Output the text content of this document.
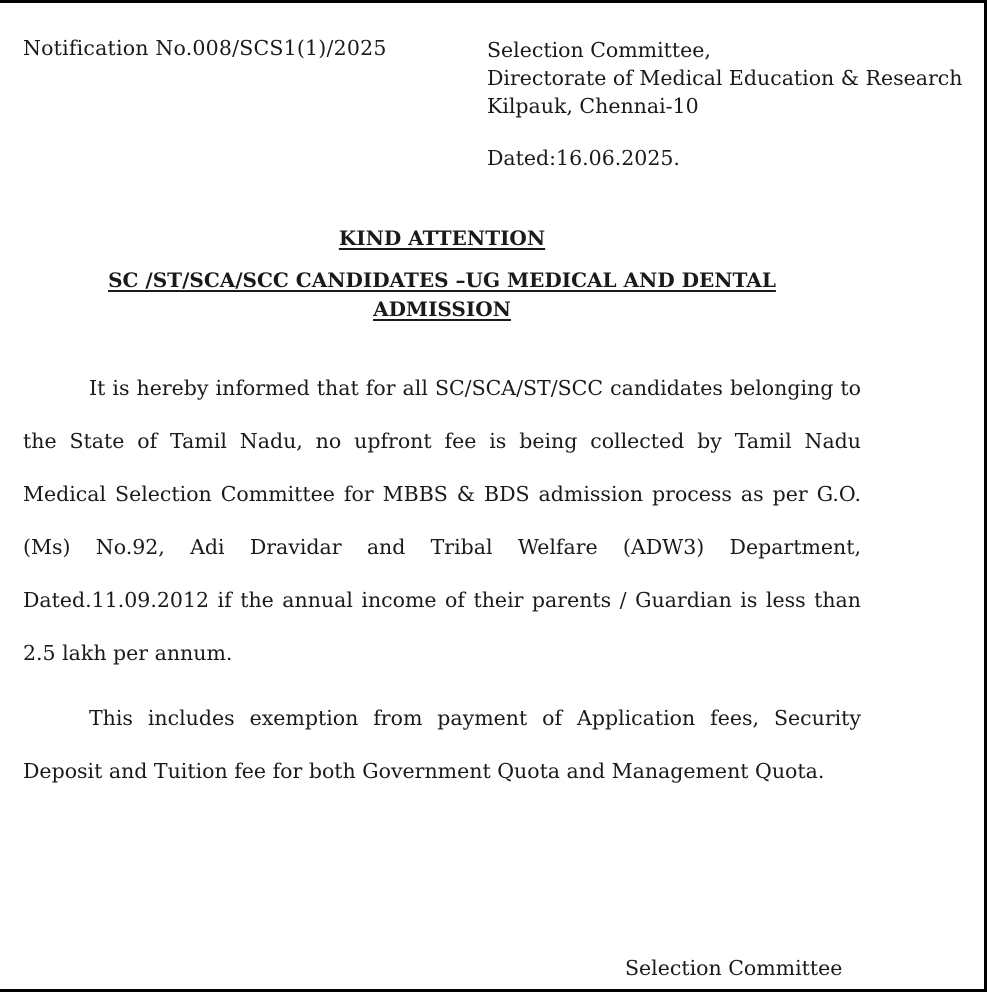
Notification No.008/SCS1(1)/2025	Selection Committee,
Directorate of Medical Education & Research
Kilpauk, Chennai-10
Dated:16.06.2025.
KIND ATTENTION
SC /ST/SCA/SCC CANDIDATES –UG MEDICAL AND DENTAL
ADMISSION
It is hereby informed that for all SC/SCA/ST/SCC candidates belonging to the State of Tamil Nadu, no upfront fee is being collected by Tamil Nadu Medical Selection Committee for MBBS & BDS admission process as per G.O.(Ms) No.92, Adi Dravidar and Tribal Welfare (ADW3) Department, Dated.11.09.2012 if the annual income of their parents / Guardian is less than 2.5 lakh per annum.
This includes exemption from payment of Application fees, Security Deposit and Tuition fee for both Government Quota and Management Quota.
Selection Committee
